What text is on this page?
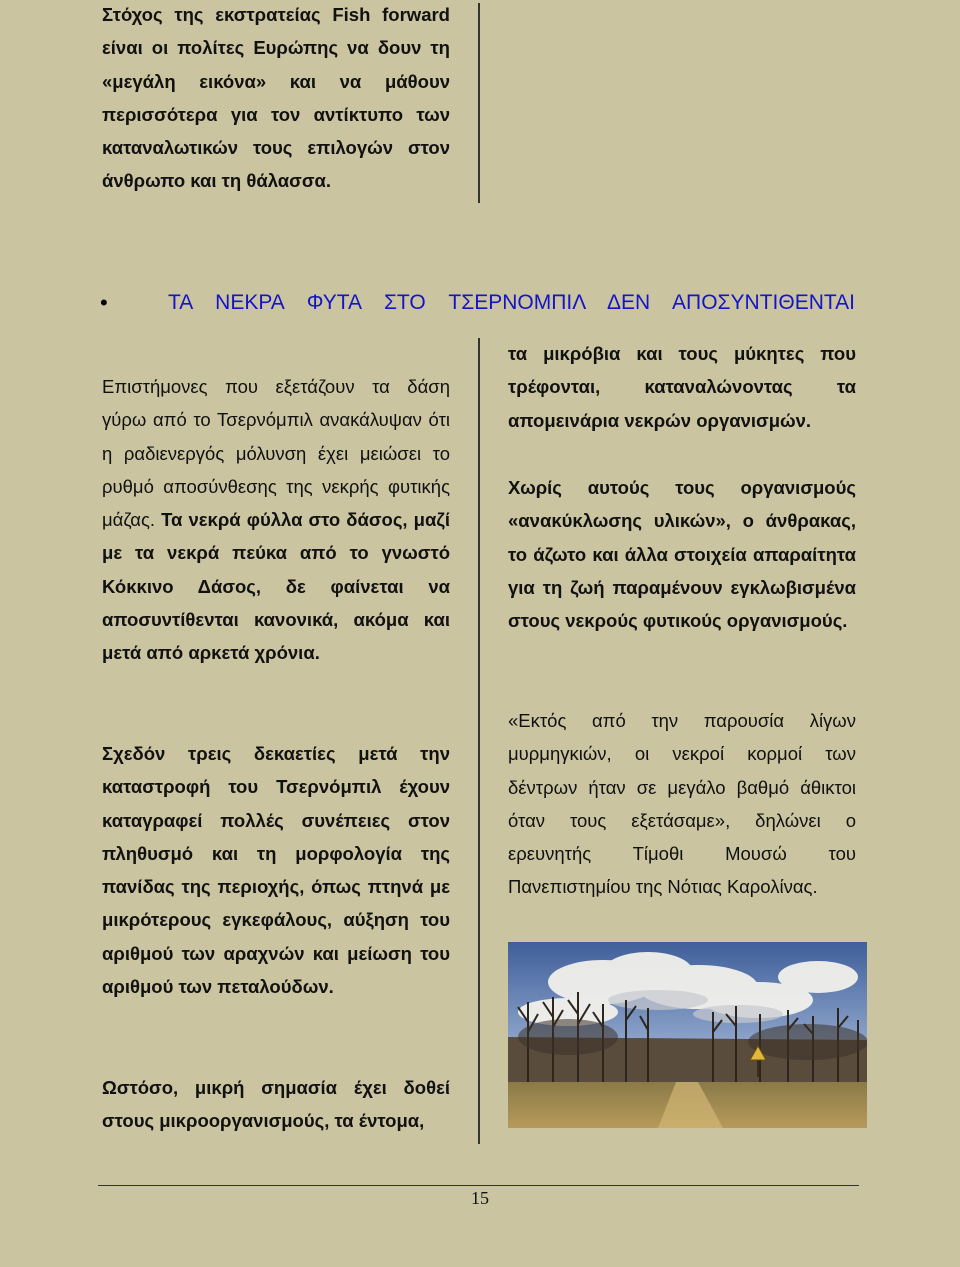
Στόχος της εκστρατείας Fish forward είναι οι πολίτες Ευρώπης να δουν τη «μεγάλη εικόνα» και να μάθουν περισσότερα για τον αντίκτυπο των καταναλωτικών τους επιλογών στον άνθρωπο και τη θάλασσα.

•	ΤΑ ΝΕΚΡΑ ΦΥΤΑ ΣΤΟ ΤΣΕΡΝΟΜΠΙΛ ΔΕΝ ΑΠΟΣΥΝΤΙΘΕΝΤΑΙ

Επιστήμονες που εξετάζουν τα δάση γύρω από το Τσερνόμπιλ ανακάλυψαν ότι η ραδιενεργός μόλυνση έχει μειώσει το ρυθμό αποσύνθεσης της νεκρής φυτικής μάζας. Τα νεκρά φύλλα στο δάσος, μαζί με τα νεκρά πεύκα από το γνωστό Κόκκινο Δάσος, δε φαίνεται να αποσυντίθενται κανονικά, ακόμα και μετά από αρκετά χρόνια.

Σχεδόν τρεις δεκαετίες μετά την καταστροφή του Τσερνόμπιλ έχουν καταγραφεί πολλές συνέπειες στον πληθυσμό και τη μορφολογία της πανίδας της περιοχής, όπως πτηνά με μικρότερους εγκεφάλους, αύξηση του αριθμού των αραχνών και μείωση του αριθμού των πεταλούδων.

Ωστόσο, μικρή σημασία έχει δοθεί στους μικροοργανισμούς, τα έντομα,

τα μικρόβια και τους μύκητες που τρέφονται, καταναλώνοντας τα απομεινάρια νεκρών οργανισμών.

Χωρίς αυτούς τους οργανισμούς «ανακύκλωσης υλικών», ο άνθρακας, το άζωτο και άλλα στοιχεία απαραίτητα για τη ζωή παραμένουν εγκλωβισμένα στους νεκρούς φυτικούς οργανισμούς.

«Εκτός από την παρουσία λίγων μυρμηγκιών, οι νεκροί κορμοί των δέντρων ήταν σε μεγάλο βαθμό άθικτοι όταν τους εξετάσαμε», δηλώνει ο ερευνητής Τίμοθι Μουσώ του Πανεπιστημίου της Νότιας Καρολίνας.

15
